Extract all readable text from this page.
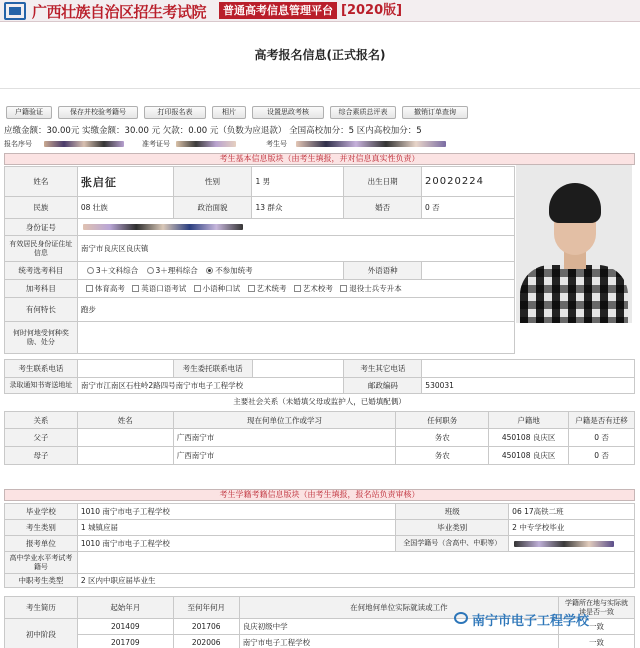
广西壮族自治区招生考试院	普通高考信息管理平台 [2020版]
高考报名信息(正式报名)
户籍验证	保存并校验考籍号	打印报名表	相片	设置思政考核	综合素质总评表	撤销订单查询
应缴金额：30.00元 实缴金额：30.00 元 欠款：0.00 元（负数为应退款） 全国高校加分：5 区内高校加分：5
报名序号	准考证号	考生号
考生基本信息版块（由考生填报，并对信息真实性负责）
姓名	张启征	性别	1 男	出生日期	20020224
民族	08 壮族	政治面貌	13 群众	婚否	0 否
身份证号					

有效居民身份证住址信息	南宁市良庆区良庆镇				
统考选考科目	3＋文科综合 3＋理科综合 不参加统考			外语语种	
加考科目	体育高考 英语口语考试 小语种口试 艺术统考 艺术校考 退役士兵专升本				
有何特长	跑步				
何时何地受何种奖励、处分					
考生联系电话		考生委托联系电话		考生其它电话	
录取通知书寄送地址	南宁市江南区石柱岭2路四号南宁市电子工程学校			邮政编码	530031
主要社会关系（未婚填父母或监护人，已婚填配偶）
关系	姓名	现在何单位工作或学习	任何职务	户籍地	户籍是否有迁移
父子		广西南宁市	务农	450108 良庆区	0 否
母子		广西南宁市	务农	450108 良庆区	0 否
考生学籍考籍信息版块（由考生填报，报名站负责审核）
毕业学校	1010 南宁市电子工程学校	班级	06 17高铁二班
考生类别	1 城镇应届	毕业类别	2 中专学校毕业
报考单位	1010 南宁市电子工程学校	全国学籍号（含高中、中职等）	

高中学业水平考试考籍号			
中职考生类型	2 区内中职应届毕业生		
考生简历	起始年月	至何年何月	在何地何单位实际就读或工作	学籍所在地与实际就读是否一致
初中阶段	201409	201706	良庆初级中学	一致
	201709	202006	南宁市电子工程学校	一致
南宁市电子工程学校
